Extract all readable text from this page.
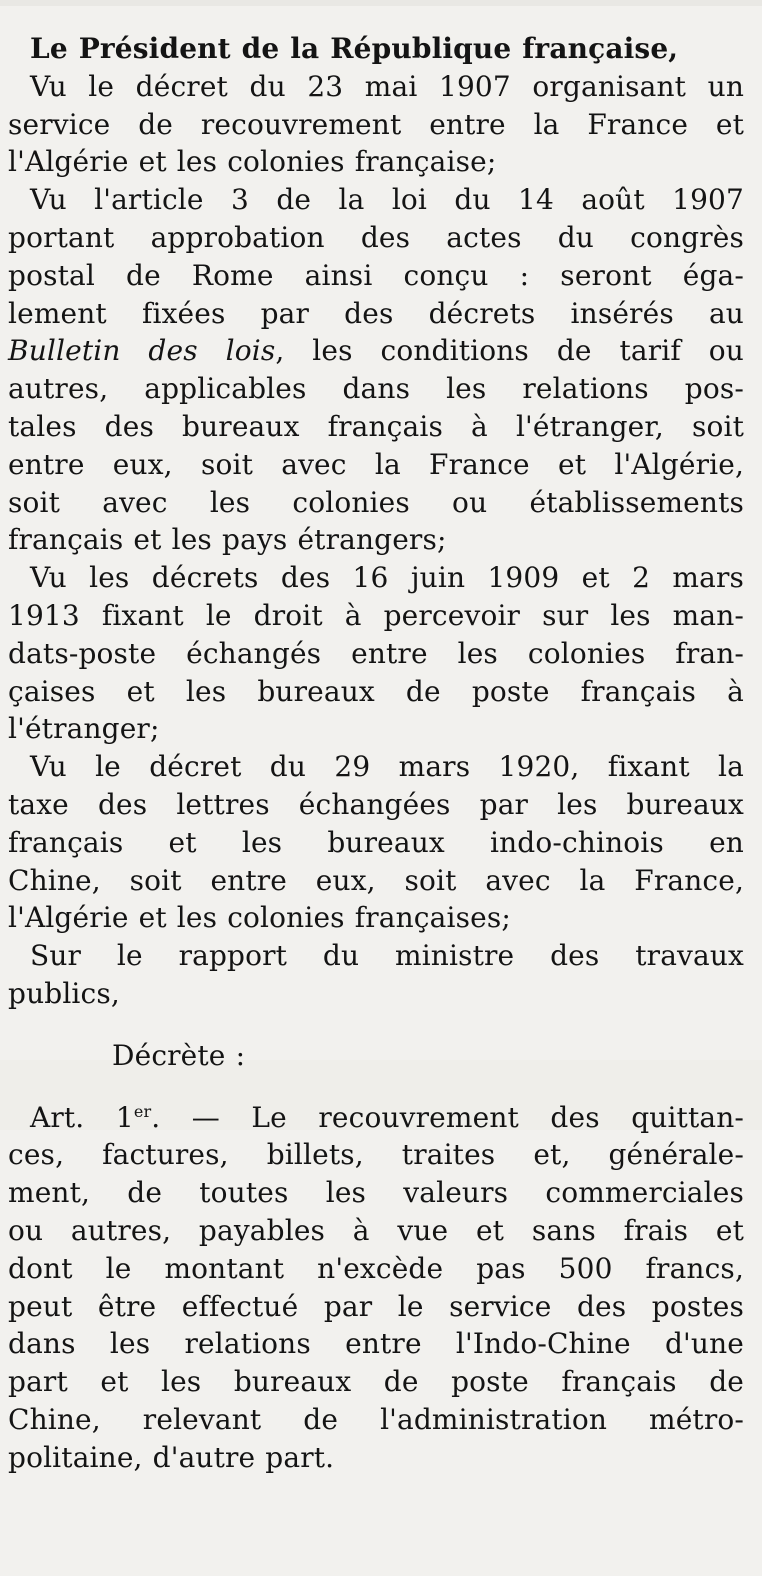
Le Président de la République française,
Vu le décret du 23 mai 1907 organisant un
service de recouvrement entre la France et
l'Algérie et les colonies française;
Vu l'article 3 de la loi du 14 août 1907
portant approbation des actes du congrès
postal de Rome ainsi conçu : seront éga-
lement fixées par des décrets insérés au
Bulletin des lois, les conditions de tarif ou
autres, applicables dans les relations pos-
tales des bureaux français à l'étranger, soit
entre eux, soit avec la France et l'Algérie,
soit avec les colonies ou établissements
français et les pays étrangers;
Vu les décrets des 16 juin 1909 et 2 mars
1913 fixant le droit à percevoir sur les man-
dats-poste échangés entre les colonies fran-
çaises et les bureaux de poste français à
l'étranger;
Vu le décret du 29 mars 1920, fixant la
taxe des lettres échangées par les bureaux
français et les bureaux indo-chinois en
Chine, soit entre eux, soit avec la France,
l'Algérie et les colonies françaises;
Sur le rapport du ministre des travaux
publics,
Décrète :
Art. 1er. — Le recouvrement des quittan-
ces, factures, billets, traites et, générale-
ment, de toutes les valeurs commerciales
ou autres, payables à vue et sans frais et
dont le montant n'excède pas 500 francs,
peut être effectué par le service des postes
dans les relations entre l'Indo-Chine d'une
part et les bureaux de poste français de
Chine, relevant de l'administration métro-
politaine, d'autre part.
